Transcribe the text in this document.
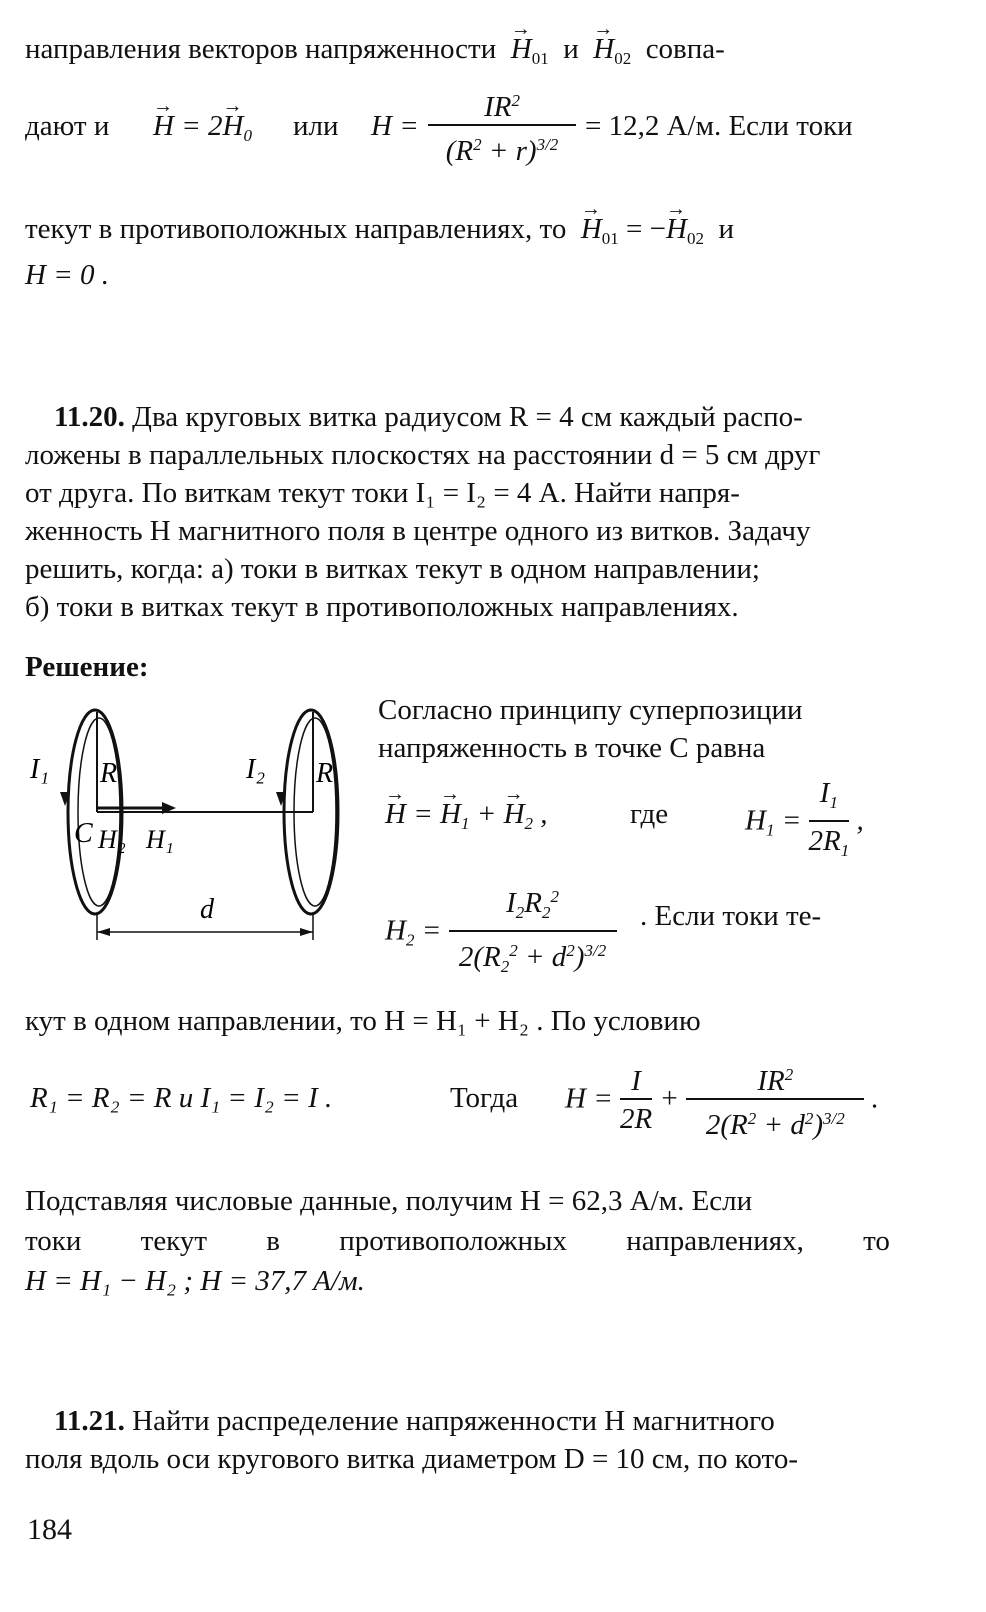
направления векторов напряженности  → $H_{01}$ $и \to H_{02}$ совпа-
дают и
→ $H = 2\to H_0$ или $H = \frac{IR^2}{(R^2 + r)^{3/2}} = 12,2$ А/м. Если токи
текут в противоположных направлениях, то  → $H_{01}$ = −→ $H_{02}$ и
H = 0 .
11.20. Два круговых витка радиусом R = 4 см каждый распо-
ложены в параллельных плоскостях на расстоянии d = 5 см друг
от друга. По виткам текут токи I₁ = I₂ = 4 А. Найти напря-
женность H магнитного поля в центре одного из витков. Задачу
решить, когда: а) токи в витках текут в одном направлении;
б) токи в витках текут в противоположных направлениях.
Решение:
I₁ R	I₂ R
C H₂ H₁
d
Согласно принципу суперпозиции
напряженность в точке C равна
→ H = → $H_1$ + → $H_2$ ,	где	$H_1 = \frac{I_1}{2R_1}$ ,
$H_2 = \frac{I_2R_2^2}{2(R_2^2 + d^2)^{3/2}}$ . Если токи те-
кут в одном направлении, то H = H₁ + H₂ . По условию
R₁ = R₂ = R и I₁ = I₂ = I .	Тогда $H = \frac{I}{2R} + \frac{IR^2}{2(R^2 + d^2)^{3/2}}$ .
Подставляя числовые данные, получим H = 62,3 А/м. Если
токи текут в противоположных направлениях, то
H = H₁ − H₂ ; H = 37,7 А/м.
11.21. Найти распределение напряженности H магнитного
поля вдоль оси кругового витка диаметром D = 10 см, по кото-
184
